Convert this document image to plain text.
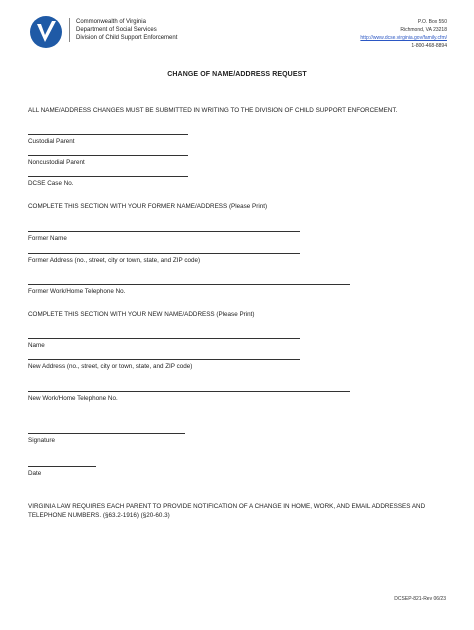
Commonwealth of Virginia
Department of Social Services
Division of Child Support Enforcement
P.O. Box 550
Richmond, VA 23218
http://www.dcse.virginia.gov/family.cfm/
1-800-468-8894
CHANGE OF NAME/ADDRESS REQUEST
ALL NAME/ADDRESS CHANGES MUST BE SUBMITTED IN WRITING TO THE DIVISION OF CHILD SUPPORT ENFORCEMENT.
Custodial Parent
Noncustodial Parent
DCSE Case No.
COMPLETE THIS SECTION WITH YOUR FORMER NAME/ADDRESS (Please Print)
Former Name
Former Address (no., street, city or town, state, and ZIP code)
Former Work/Home Telephone No.
COMPLETE THIS SECTION WITH YOUR NEW NAME/ADDRESS (Please Print)
Name
New Address (no., street, city or town, state, and ZIP code)
New Work/Home Telephone No.
Signature
Date
VIRGINIA LAW REQUIRES EACH PARENT TO PROVIDE NOTIFICATION OF A CHANGE IN HOME, WORK, AND EMAIL ADDRESSES AND TELEPHONE NUMBERS. (§63.2-1916) (§20-60.3)
DCSEP-821-Rev 06/23
